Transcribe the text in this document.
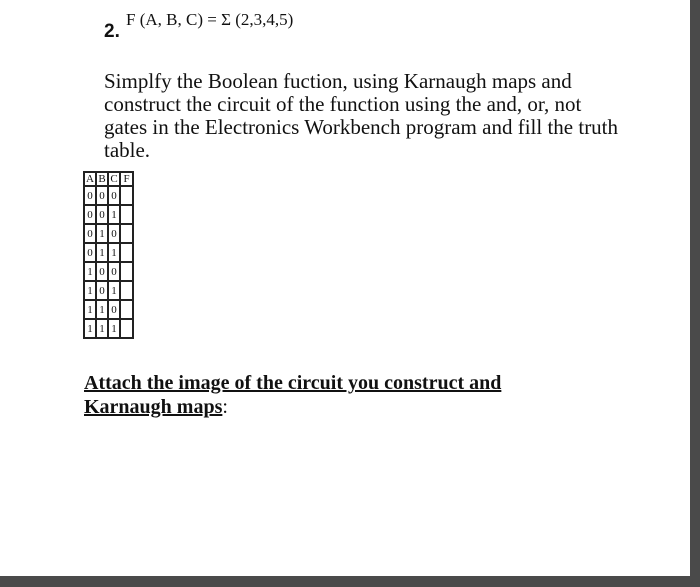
2.
F (A, B, C) = Σ (2,3,4,5)
Simplfy the Boolean fuction, using Karnaugh maps and construct the circuit of the function using the and, or, not gates in the Electronics Workbench program and fill the truth table.
A	B	C	F
0	0	0	
0	0	1	
0	1	0	
0	1	1	
1	0	0	
1	0	1	
1	1	0	
1	1	1	
Attach the image of the circuit you construct and Karnaugh maps:
